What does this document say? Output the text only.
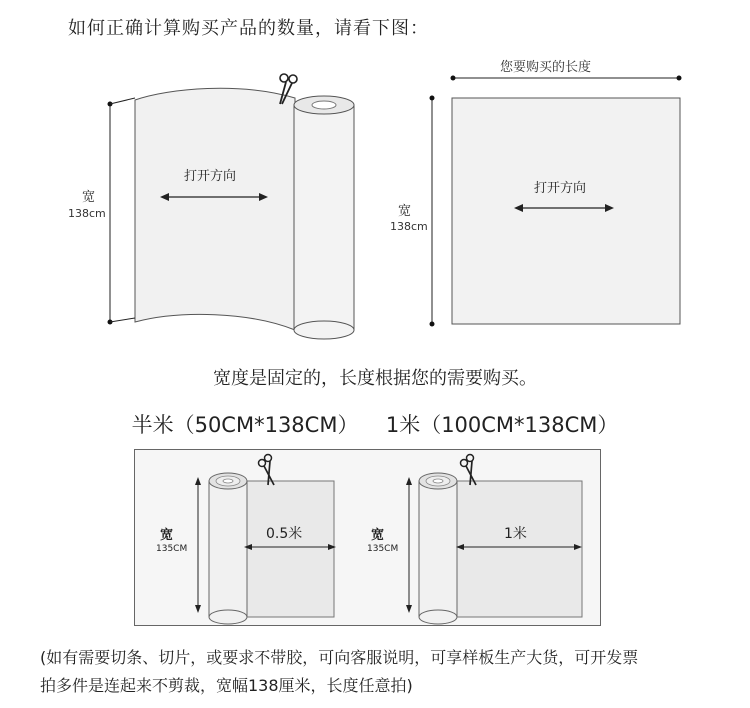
如何正确计算购买产品的数量，请看下图：
宽
138cm
打开方向
您要购买的长度
宽
138cm
打开方向
宽度是固定的，长度根据您的需要购买。
半米（50CM*138CM） 1米（100CM*138CM）
宽
135CM
0.5米	宽
135CM
1米
(如有需要切条、切片，或要求不带胶，可向客服说明，可享样板生产大货，可开发票
拍多件是连起来不剪裁，宽幅138厘米，长度任意拍)
